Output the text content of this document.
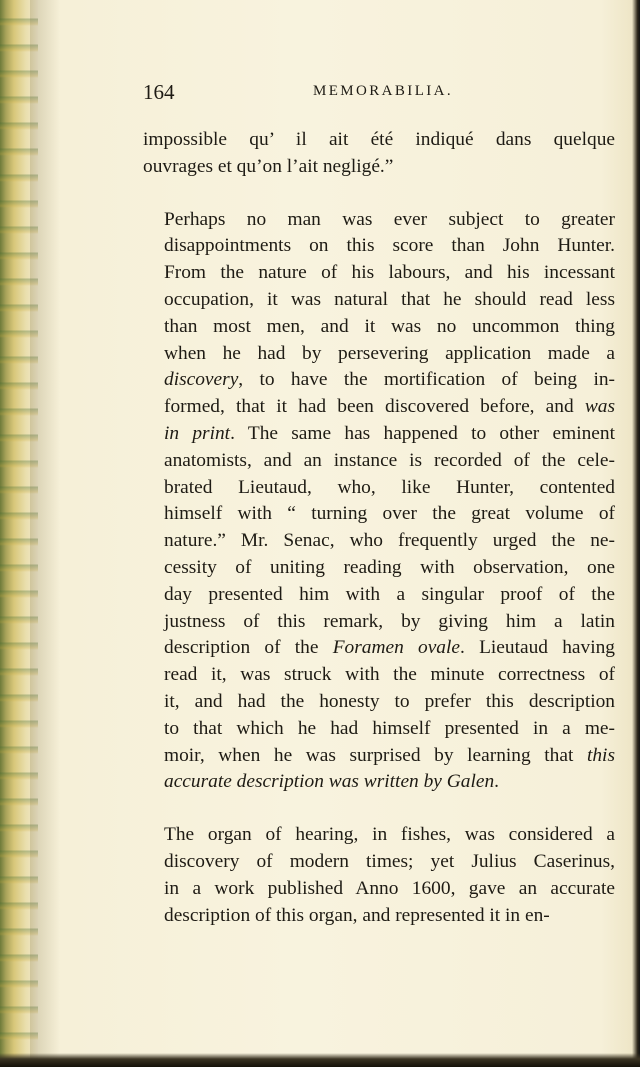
164	MEMORABILIA.
impossible qu’ il ait été indiqué dans quelque
ouvrages et qu’on l’ait negligé.”
Perhaps no man was ever subject to greater
disappointments on this score than John Hunter.
From the nature of his labours, and his incessant
occupation, it was natural that he should read less
than most men, and it was no uncommon thing
when he had by persevering application made a
discovery, to have the mortification of being in-
formed, that it had been discovered before, and was
in print. The same has happened to other eminent
anatomists, and an instance is recorded of the cele-
brated Lieutaud, who, like Hunter, contented
himself with “ turning over the great volume of
nature.” Mr. Senac, who frequently urged the ne-
cessity of uniting reading with observation, one
day presented him with a singular proof of the
justness of this remark, by giving him a latin
description of the Foramen ovale. Lieutaud having
read it, was struck with the minute correctness of
it, and had the honesty to prefer this description
to that which he had himself presented in a me-
moir, when he was surprised by learning that this
accurate description was written by Galen.
The organ of hearing, in fishes, was considered a
discovery of modern times; yet Julius Caserinus,
in a work published Anno 1600, gave an accurate
description of this organ, and represented it in en-
